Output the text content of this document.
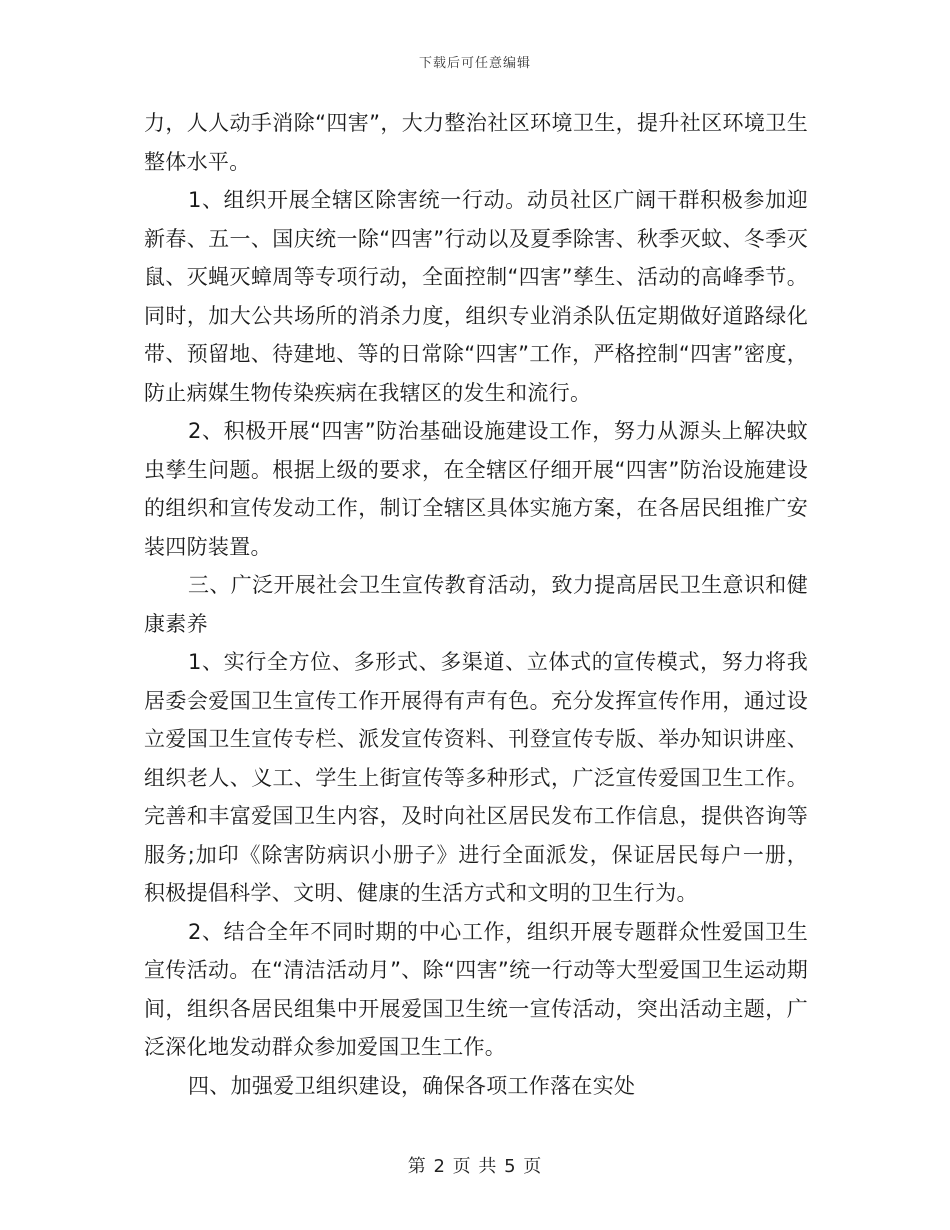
下载后可任意编辑

力，人人动手消除“四害”，大力整治社区环境卫生，提升社区环境卫生整体水平。

1、组织开展全辖区除害统一行动。动员社区广阔干群积极参加迎新春、五一、国庆统一除“四害”行动以及夏季除害、秋季灭蚊、冬季灭鼠、灭蝇灭蟑周等专项行动，全面控制“四害”孳生、活动的高峰季节。同时，加大公共场所的消杀力度，组织专业消杀队伍定期做好道路绿化带、预留地、待建地、等的日常除“四害”工作，严格控制“四害”密度，防止病媒生物传染疾病在我辖区的发生和流行。

2、积极开展“四害”防治基础设施建设工作，努力从源头上解决蚊虫孳生问题。根据上级的要求，在全辖区仔细开展“四害”防治设施建设的组织和宣传发动工作，制订全辖区具体实施方案，在各居民组推广安装四防装置。

三、广泛开展社会卫生宣传教育活动，致力提高居民卫生意识和健康素养

1、实行全方位、多形式、多渠道、立体式的宣传模式，努力将我居委会爱国卫生宣传工作开展得有声有色。充分发挥宣传作用，通过设立爱国卫生宣传专栏、派发宣传资料、刊登宣传专版、举办知识讲座、组织老人、义工、学生上街宣传等多种形式，广泛宣传爱国卫生工作。完善和丰富爱国卫生内容，及时向社区居民发布工作信息，提供咨询等服务;加印《除害防病识小册子》进行全面派发，保证居民每户一册，积极提倡科学、文明、健康的生活方式和文明的卫生行为。

2、结合全年不同时期的中心工作，组织开展专题群众性爱国卫生宣传活动。在“清洁活动月”、除“四害”统一行动等大型爱国卫生运动期间，组织各居民组集中开展爱国卫生统一宣传活动，突出活动主题，广泛深化地发动群众参加爱国卫生工作。

四、加强爱卫组织建设，确保各项工作落在实处

第 2 页 共 5 页
